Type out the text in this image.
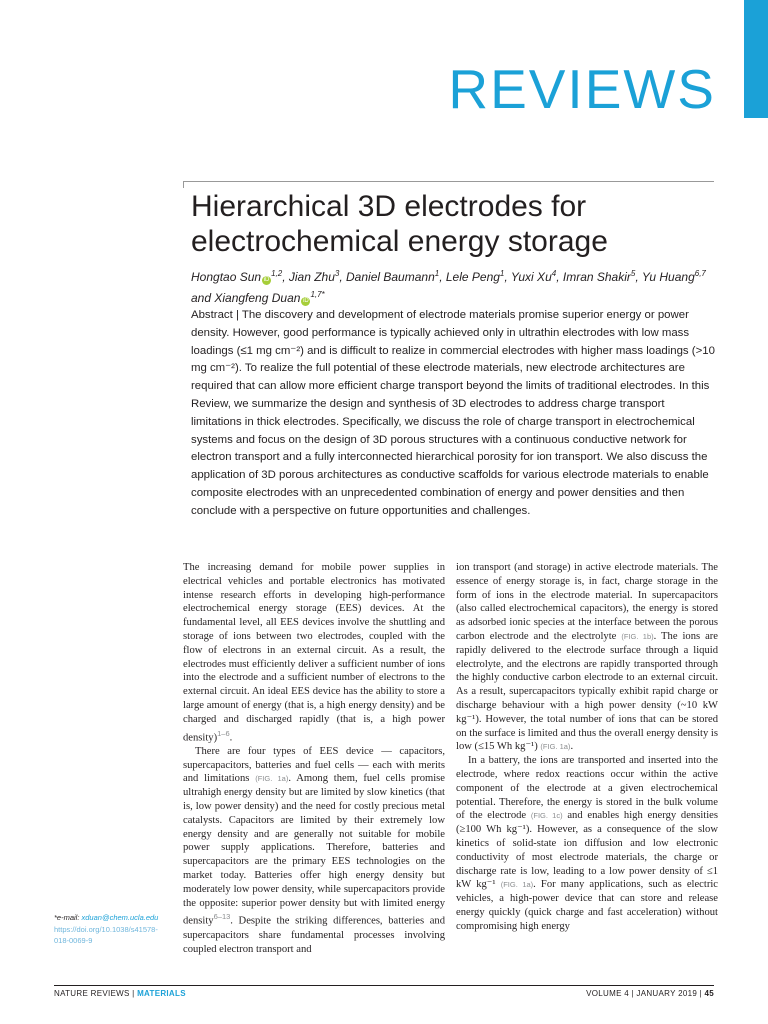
REVIEWS
Hierarchical 3D electrodes for electrochemical energy storage
Hongtao Sun iD$^{1,2}$, Jian Zhu$^3$, Daniel Baumann$^1$, Lele Peng$^1$, Yuxi Xu$^4$, Imran Shakir$^5$, Yu Huang$^{6,7}$ and Xiangfeng Duan $iD^{1,7*}$

Abstract | The discovery and development of electrode materials promise superior energy or power density. However, good performance is typically achieved only in ultrathin electrodes with low mass loadings (≤1 mg cm⁻²) and is difficult to realize in commercial electrodes with higher mass loadings (>10 mg cm⁻²). To realize the full potential of these electrode materials, new electrode architectures are required that can allow more efficient charge transport beyond the limits of traditional electrodes. In this Review, we summarize the design and synthesis of 3D electrodes to address charge transport limitations in thick electrodes. Specifically, we discuss the role of charge transport in electrochemical systems and focus on the design of 3D porous structures with a continuous conductive network for electron transport and a fully interconnected hierarchical porosity for ion transport. We also discuss the application of 3D porous architectures as conductive scaffolds for various electrode materials to enable composite electrodes with an unprecedented combination of energy and power densities and then conclude with a perspective on future opportunities and challenges.

The increasing demand for mobile power supplies in electrical vehicles and portable electronics has motivated intense research efforts in developing high-performance electrochemical energy storage (EES) devices. At the fundamental level, all EES devices involve the shuttling and storage of ions between two electrodes, coupled with the flow of electrons in an external circuit. As a result, the electrodes must efficiently deliver a sufficient number of ions into the electrode and a sufficient number of electrons to the external circuit. An ideal EES device has the ability to store a large amount of energy (that is, a high energy density) and be charged and discharged rapidly (that is, a high power density)$^{1-6}$.

There are four types of EES device — capacitors, supercapacitors, batteries and fuel cells — each with merits and limitations (FIG. 1a). Among them, fuel cells promise ultrahigh energy density but are limited by slow kinetics (that is, low power density) and the need for costly precious metal catalysts. Capacitors are limited by their extremely low energy density and are generally not suitable for mobile power supply applications. Therefore, batteries and supercapacitors are the primary EES technologies on the market today. Batteries offer high energy density but moderately low power density, while supercapacitors provide the opposite: superior power density but with limited energy density$^{6-13}$. Despite the striking differences, batteries and supercapacitors share fundamental processes involving coupled electron transport and

ion transport (and storage) in active electrode materials. The essence of energy storage is, in fact, charge storage in the form of ions in the electrode material. In supercapacitors (also called electrochemical capacitors), the energy is stored as adsorbed ionic species at the interface between the porous carbon electrode and the electrolyte (FIG. 1b). The ions are rapidly delivered to the electrode surface through a liquid electrolyte, and the electrons are rapidly transported through the highly conductive carbon electrode to an external circuit. As a result, supercapacitors typically exhibit rapid charge or discharge behaviour with a high power density (~10 kW kg⁻¹). However, the total number of ions that can be stored on the surface is limited and thus the overall energy density is low (≤15 Wh kg⁻¹) (FIG. 1a).

In a battery, the ions are transported and inserted into the electrode, where redox reactions occur within the active component of the electrode at a given electrochemical potential. Therefore, the energy is stored in the bulk volume of the electrode (FIG. 1c) and enables high energy densities (≥100 Wh kg⁻¹). However, as a consequence of the slow kinetics of solid-state ion diffusion and low electronic conductivity of most electrode materials, the charge or discharge rate is low, leading to a low power density of ≤1 kW kg⁻¹ (FIG. 1a). For many applications, such as electric vehicles, a high-power device that can store and release energy quickly (quick charge and fast acceleration) without compromising high energy

*e-mail: xduan@chem.ucla.edu
https://doi.org/10.1038/s41578-018-0069-9
NATURE REVIEWS | MATERIALS	VOLUME 4 | JANUARY 2019 | 45
